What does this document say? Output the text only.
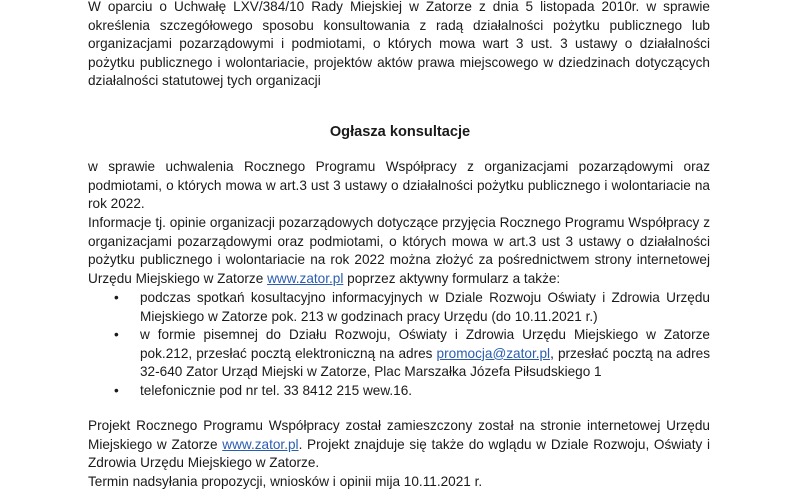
W oparciu o Uchwałę LXV/384/10 Rady Miejskiej w Zatorze z dnia 5 listopada 2010r. w sprawie określenia szczegółowego sposobu konsultowania z radą działalności pożytku publicznego lub organizacjami pozarządowymi i podmiotami, o których mowa wart 3 ust. 3 ustawy o działalności pożytku publicznego i wolontariacie, projektów aktów prawa miejscowego w dziedzinach dotyczących działalności statutowej tych organizacji

Ogłasza konsultacje

w sprawie uchwalenia Rocznego Programu Współpracy z organizacjami pozarządowymi oraz podmiotami, o których mowa w art.3 ust 3 ustawy o działalności pożytku publicznego i wolontariacie na rok 2022.

Informacje tj. opinie organizacji pozarządowych dotyczące przyjęcia Rocznego Programu Współpracy z organizacjami pozarządowymi oraz podmiotami, o których mowa w art.3 ust 3 ustawy o działalności pożytku publicznego i wolontariacie na rok 2022 można złożyć za pośrednictwem strony internetowej Urzędu Miejskiego w Zatorze www.zator.pl poprzez aktywny formularz a także:

• podczas spotkań kosultacyjno informacyjnych w Dziale Rozwoju Oświaty i Zdrowia Urzędu Miejskiego w Zatorze pok. 213 w godzinach pracy Urzędu (do 10.11.2021 r.)
• w formie pisemnej do Działu Rozwoju, Oświaty i Zdrowia Urzędu Miejskiego w Zatorze pok.212, przesłać pocztą elektroniczną na adres promocja@zator.pl, przesłać pocztą na adres 32-640 Zator Urząd Miejski w Zatorze, Plac Marszałka Józefa Piłsudskiego 1
• telefonicznie pod nr tel. 33 8412 215 wew.16.

Projekt Rocznego Programu Współpracy został zamieszczony został na stronie internetowej Urzędu Miejskiego w Zatorze www.zator.pl. Projekt znajduje się także do wglądu w Dziale Rozwoju, Oświaty i Zdrowia Urzędu Miejskiego w Zatorze.

Termin nadsyłania propozycji, wniosków i opinii mija 10.11.2021 r.
